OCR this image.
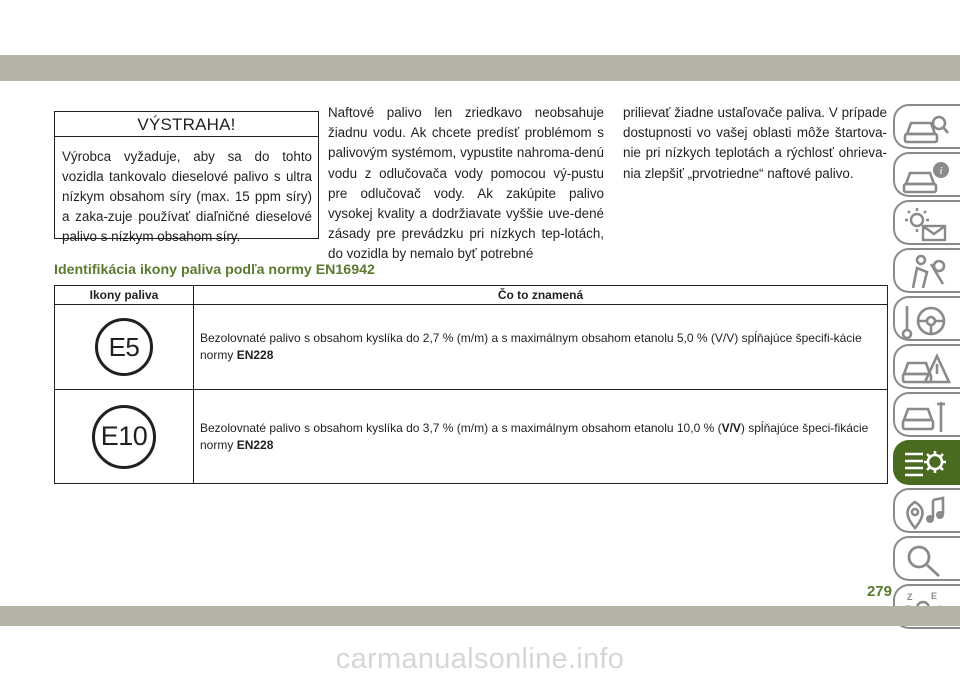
VÝSTRAHA!
Výrobca vyžaduje, aby sa do tohto vozidla tankovalo dieselové palivo s ultra nízkym obsahom síry (max. 15 ppm síry) a zaka-zuje používať diaľničné dieselové palivo s nízkym obsahom síry.
Naftové palivo len zriedkavo neobsahuje žiadnu vodu. Ak chcete predísť problémom s palivovým systémom, vypustite nahroma-denú vodu z odlučovača vody pomocou vý-pustu pre odlučovač vody. Ak zakúpite palivo vysokej kvality a dodržiavate vyššie uve-dené zásady pre prevádzku pri nízkych tep-lotách, do vozidla by nemalo byť potrebné
prilievať žiadne ustaľovače paliva. V prípade dostupnosti vo vašej oblasti môže štartova-nie pri nízkych teplotách a rýchlosť ohrieva-nia zlepšiť „prvotriedne“ naftové palivo.
Identifikácia ikony paliva podľa normy EN16942
Ikony paliva	Čo to znamená
E5	Bezolovnaté palivo s obsahom kyslíka do 2,7 % (m/m) a s maximálnym obsahom etanolu 5,0 % (V/V) spĺňajúce špecifi-kácie normy EN228
E10	Bezolovnaté palivo s obsahom kyslíka do 3,7 % (m/m) a s maximálnym obsahom etanolu 10,0 % (V/V) spĺňajúce špeci-fikácie normy EN228
i
Z E
279
carmanualsonline.info
